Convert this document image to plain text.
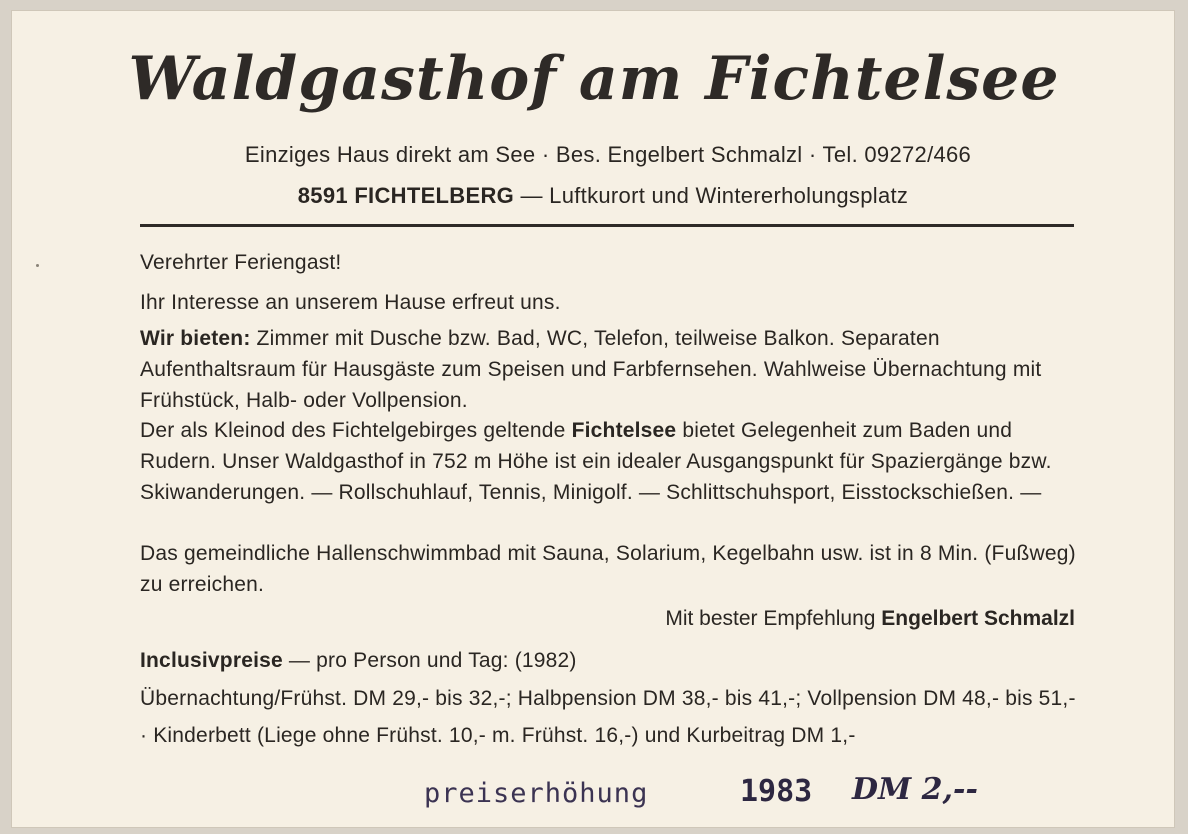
Waldgasthof am Fichtelsee
Einziges Haus direkt am See · Bes. Engelbert Schmalzl · Tel. 09272/466
8591 FICHTELBERG — Luftkurort und Wintererholungsplatz
Verehrter Feriengast!
Ihr Interesse an unserem Hause erfreut uns.
Wir bieten: Zimmer mit Dusche bzw. Bad, WC, Telefon, teilweise Balkon. Separaten Aufenthaltsraum für Hausgäste zum Speisen und Farbfernsehen. Wahlweise Übernachtung mit Frühstück, Halb- oder Vollpension.
Der als Kleinod des Fichtelgebirges geltende Fichtelsee bietet Gelegenheit zum Baden und Rudern. Unser Waldgasthof in 752 m Höhe ist ein idealer Ausgangspunkt für Spaziergänge bzw. Skiwanderungen. — Rollschuhlauf, Tennis, Minigolf. — Schlittschuhsport, Eisstockschießen. —
Das gemeindliche Hallenschwimmbad mit Sauna, Solarium, Kegelbahn usw. ist in 8 Min. (Fußweg) zu erreichen.
Mit bester Empfehlung Engelbert Schmalzl
Inclusivpreise — pro Person und Tag: (1982)
Übernachtung/Frühst. DM 29,- bis 32,-; Halbpension DM 38,- bis 41,-; Vollpension DM 48,- bis 51,- · Kinderbett (Liege ohne Frühst. 10,- m. Frühst. 16,-) und Kurbeitrag DM 1,-
preiserhöhung	1983 DM 2,--
